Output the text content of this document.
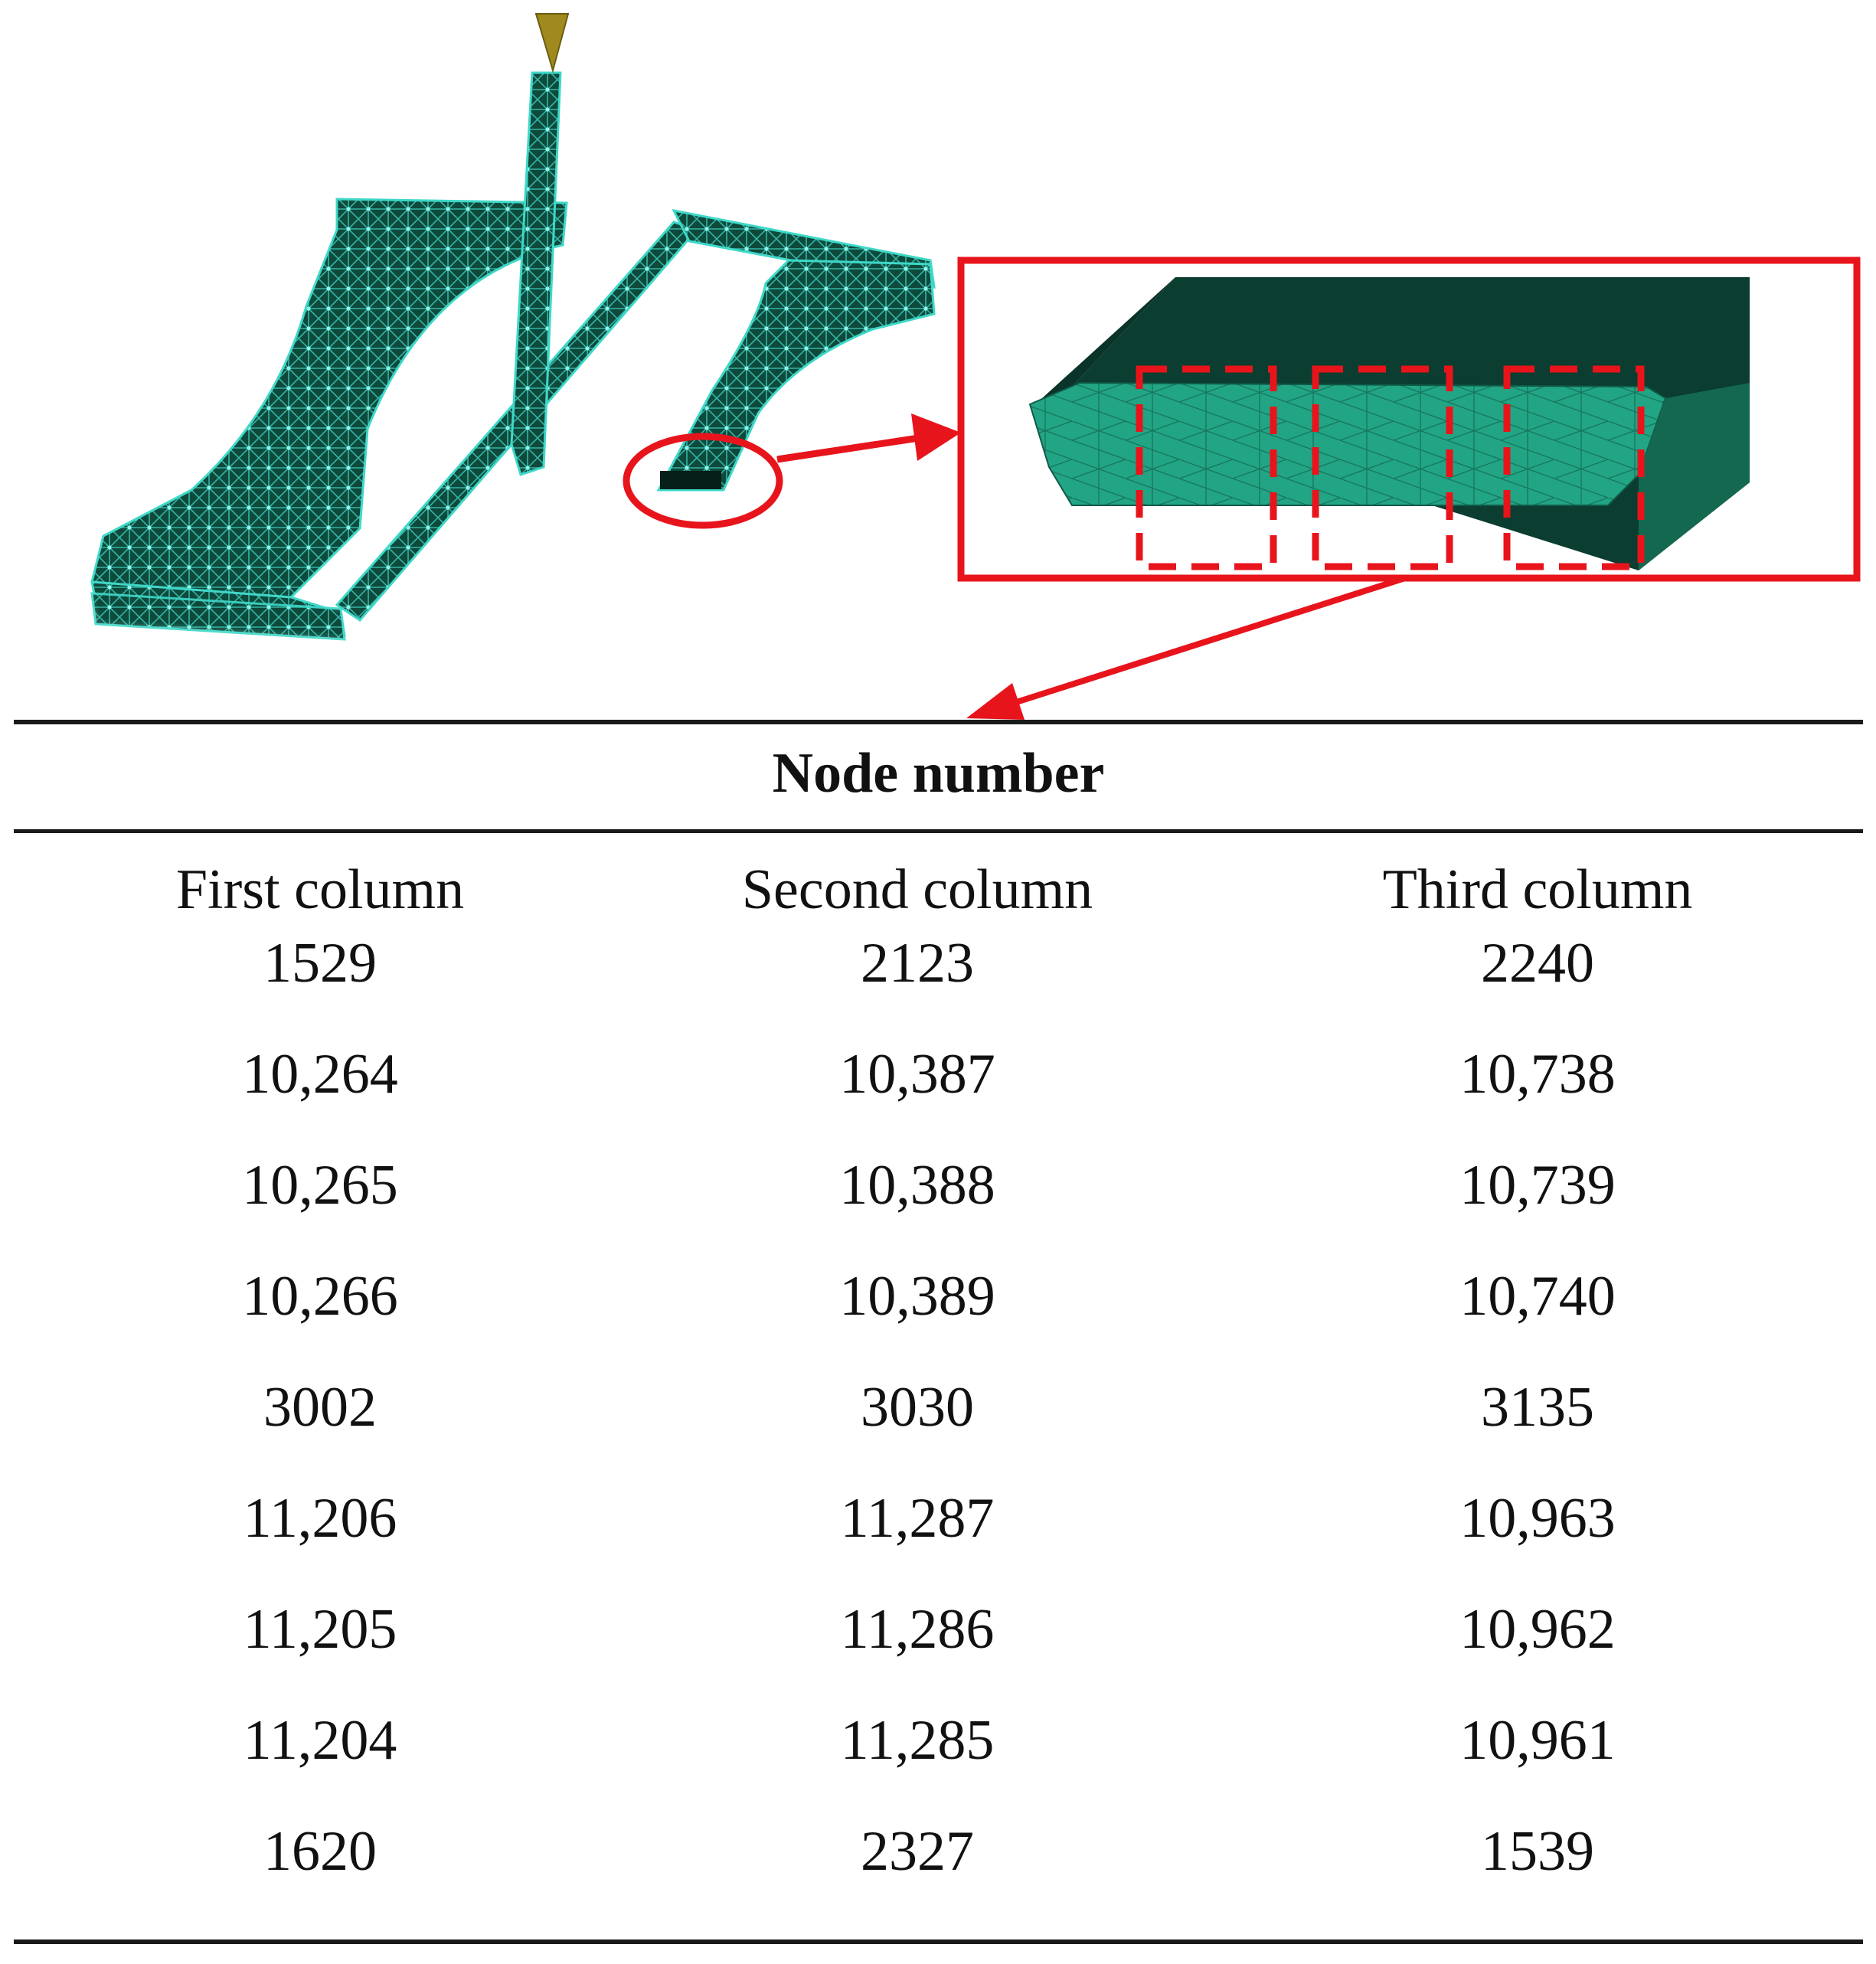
Node number
First column	Second column	Third column
1529	2123	2240
10,264	10,387	10,738
10,265	10,388	10,739
10,266	10,389	10,740
3002	3030	3135
11,206	11,287	10,963
11,205	11,286	10,962
11,204	11,285	10,961
1620	2327	1539
